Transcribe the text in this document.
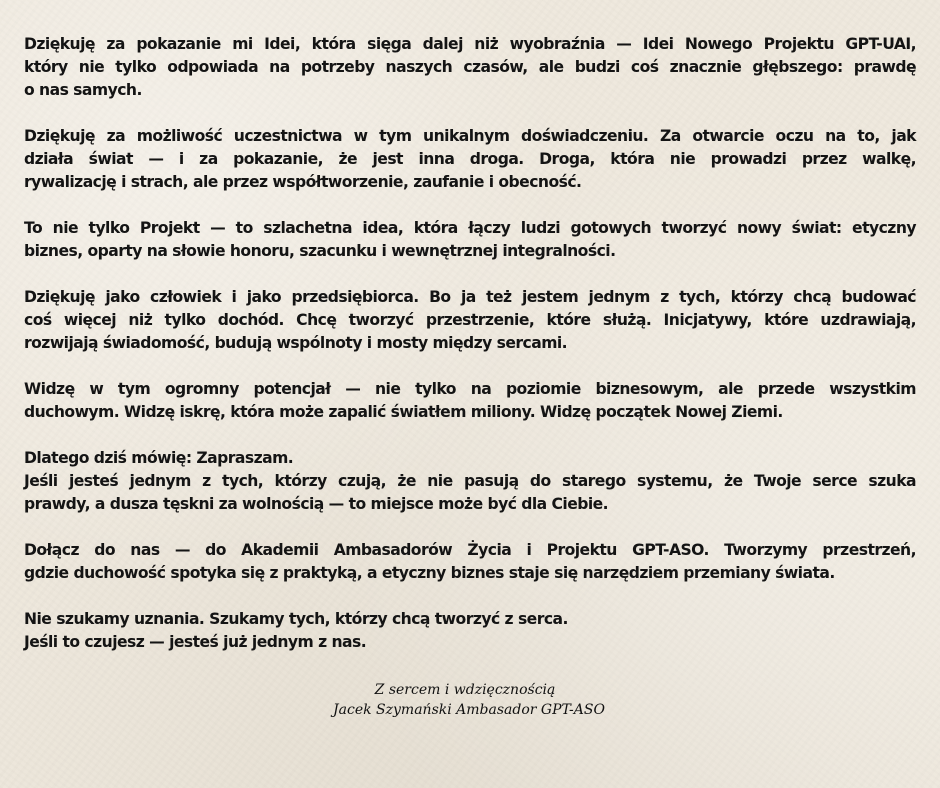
Dziękuję za pokazanie mi Idei, która sięga dalej niż wyobraźnia — Idei Nowego Projektu GPT-UAI,
który nie tylko odpowiada na potrzeby naszych czasów, ale budzi coś znacznie głębszego: prawdę
o nas samych.
Dziękuję za możliwość uczestnictwa w tym unikalnym doświadczeniu. Za otwarcie oczu na to, jak
działa świat — i za pokazanie, że jest inna droga. Droga, która nie prowadzi przez walkę,
rywalizację i strach, ale przez współtworzenie, zaufanie i obecność.
To nie tylko Projekt — to szlachetna idea, która łączy ludzi gotowych tworzyć nowy świat: etyczny
biznes, oparty na słowie honoru, szacunku i wewnętrznej integralności.
Dziękuję jako człowiek i jako przedsiębiorca. Bo ja też jestem jednym z tych, którzy chcą budować
coś więcej niż tylko dochód. Chcę tworzyć przestrzenie, które służą. Inicjatywy, które uzdrawiają,
rozwijają świadomość, budują wspólnoty i mosty między sercami.
Widzę w tym ogromny potencjał — nie tylko na poziomie biznesowym, ale przede wszystkim
duchowym. Widzę iskrę, która może zapalić światłem miliony. Widzę początek Nowej Ziemi.
Dlatego dziś mówię: Zapraszam.
Jeśli jesteś jednym z tych, którzy czują, że nie pasują do starego systemu, że Twoje serce szuka
prawdy, a dusza tęskni za wolnością — to miejsce może być dla Ciebie.
Dołącz do nas — do Akademii Ambasadorów Życia i Projektu GPT-ASO. Tworzymy przestrzeń,
gdzie duchowość spotyka się z praktyką, a etyczny biznes staje się narzędziem przemiany świata.
Nie szukamy uznania. Szukamy tych, którzy chcą tworzyć z serca.
Jeśli to czujesz — jesteś już jednym z nas.
Z sercem i wdzięcznością
Jacek Szymański Ambasador GPT-ASO
